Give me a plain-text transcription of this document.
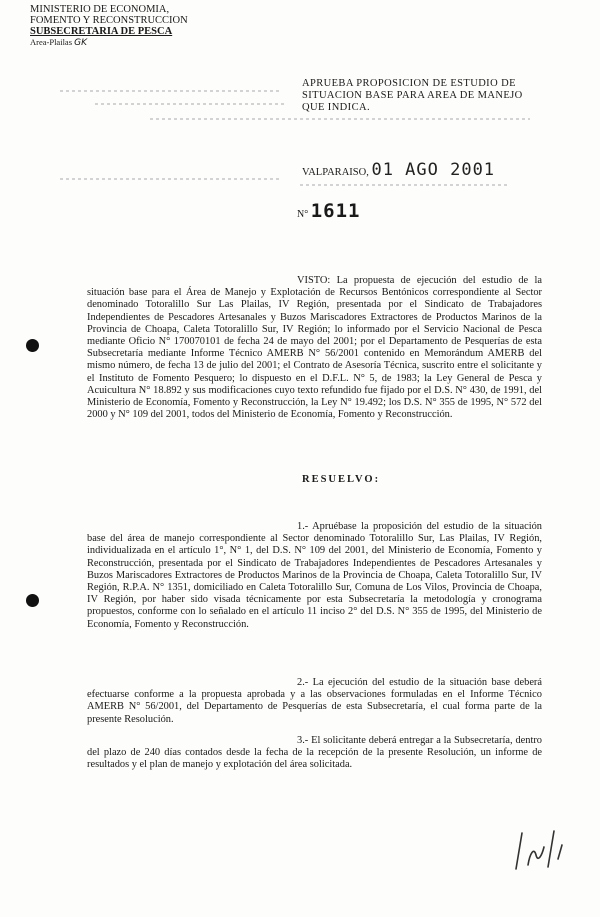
MINISTERIO DE ECONOMIA,
FOMENTO Y RECONSTRUCCION
SUBSECRETARIA DE PESCA
Area-Plailas GK
APRUEBA PROPOSICION DE ESTUDIO DE SITUACION BASE PARA AREA DE MANEJO QUE INDICA.
VALPARAISO, 01 AGO 2001
N° 1611

VISTO: La propuesta de ejecución del estudio de la situación base para el Área de Manejo y Explotación de Recursos Bentónicos correspondiente al Sector denominado Totoralillo Sur Las Plailas, IV Región, presentada por el Sindicato de Trabajadores Independientes de Pescadores Artesanales y Buzos Mariscadores Extractores de Productos Marinos de la Provincia de Choapa, Caleta Totoralillo Sur, IV Región; lo informado por el Servicio Nacional de Pesca mediante Oficio N° 170070101 de fecha 24 de mayo del 2001; por el Departamento de Pesquerías de esta Subsecretaría mediante Informe Técnico AMERB N° 56/2001 contenido en Memorándum AMERB del mismo número, de fecha 13 de julio del 2001; el Contrato de Asesoría Técnica, suscrito entre el solicitante y el Instituto de Fomento Pesquero; lo dispuesto en el D.F.L. N° 5, de 1983; la Ley General de Pesca y Acuicultura N° 18.892 y sus modificaciones cuyo texto refundido fue fijado por el D.S. N° 430, de 1991, del Ministerio de Economía, Fomento y Reconstrucción, la Ley N° 19.492; los D.S. N° 355 de 1995, N° 572 del 2000 y N° 109 del 2001, todos del Ministerio de Economía, Fomento y Reconstrucción.

RESUELVO:

1.- Apruébase la proposición del estudio de la situación base del área de manejo correspondiente al Sector denominado Totoralillo Sur, Las Plailas, IV Región, individualizada en el artículo 1°, N° 1, del D.S. N° 109 del 2001, del Ministerio de Economía, Fomento y Reconstrucción, presentada por el Sindicato de Trabajadores Independientes de Pescadores Artesanales y Buzos Mariscadores Extractores de Productos Marinos de la Provincia de Choapa, Caleta Totoralillo Sur, IV Región, R.P.A. N° 1351, domiciliado en Caleta Totoralillo Sur, Comuna de Los Vilos, Provincia de Choapa, IV Región, por haber sido visada técnicamente por esta Subsecretaría la metodología y cronograma propuestos, conforme con lo señalado en el artículo 11 inciso 2° del D.S. N° 355 de 1995, del Ministerio de Economía, Fomento y Reconstrucción.

2.- La ejecución del estudio de la situación base deberá efectuarse conforme a la propuesta aprobada y a las observaciones formuladas en el Informe Técnico AMERB N° 56/2001, del Departamento de Pesquerías de esta Subsecretaría, el cual forma parte de la presente Resolución.

3.- El solicitante deberá entregar a la Subsecretaría, dentro del plazo de 240 días contados desde la fecha de la recepción de la presente Resolución, un informe de resultados y el plan de manejo y explotación del área solicitada.
